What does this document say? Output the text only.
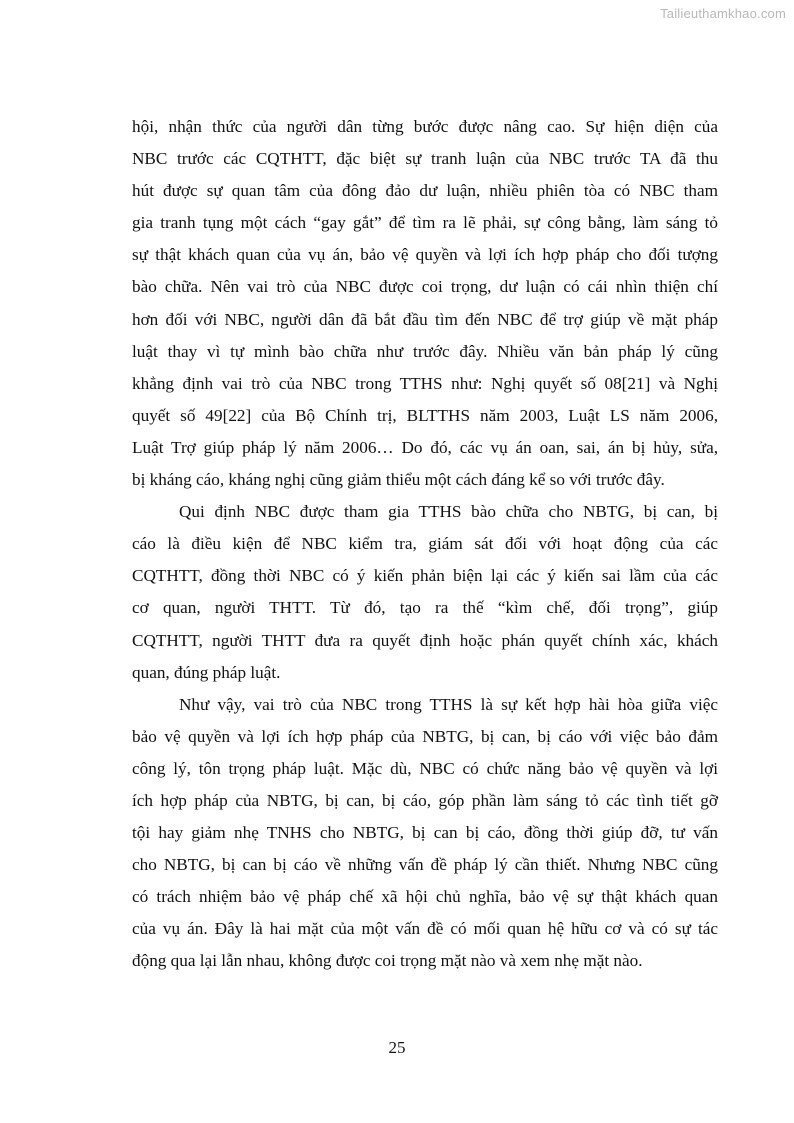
Tailieuthamkhao.com
hội, nhận thức của người dân từng bước được nâng cao. Sự hiện diện của
NBC trước các CQTHTT, đặc biệt sự tranh luận của NBC trước TA đã thu
hút được sự quan tâm của đông đảo dư luận, nhiều phiên tòa có NBC tham
gia tranh tụng một cách “gay gắt” để tìm ra lẽ phải, sự công bằng, làm sáng tỏ
sự thật khách quan của vụ án, bảo vệ quyền và lợi ích hợp pháp cho đối tượng
bào chữa. Nên vai trò của NBC được coi trọng, dư luận có cái nhìn thiện chí
hơn đối với NBC, người dân đã bắt đầu tìm đến NBC để trợ giúp về mặt pháp
luật thay vì tự mình bào chữa như trước đây. Nhiều văn bản pháp lý cũng
khẳng định vai trò của NBC trong TTHS như: Nghị quyết số 08[21] và Nghị
quyết số 49[22] của Bộ Chính trị, BLTTHS năm 2003, Luật LS năm 2006,
Luật Trợ giúp pháp lý năm 2006… Do đó, các vụ án oan, sai, án bị hủy, sửa,
bị kháng cáo, kháng nghị cũng giảm thiểu một cách đáng kể so với trước đây.
Qui định NBC được tham gia TTHS bào chữa cho NBTG, bị can, bị
cáo là điều kiện để NBC kiểm tra, giám sát đối với hoạt động của các
CQTHTT, đồng thời NBC có ý kiến phản biện lại các ý kiến sai lầm của các
cơ quan, người THTT. Từ đó, tạo ra thế “kìm chế, đối trọng”, giúp
CQTHTT, người THTT đưa ra quyết định hoặc phán quyết chính xác, khách
quan, đúng pháp luật.
Như vậy, vai trò của NBC trong TTHS là sự kết hợp hài hòa giữa việc
bảo vệ quyền và lợi ích hợp pháp của NBTG, bị can, bị cáo với việc bảo đảm
công lý, tôn trọng pháp luật. Mặc dù, NBC có chức năng bảo vệ quyền và lợi
ích hợp pháp của NBTG, bị can, bị cáo, góp phần làm sáng tỏ các tình tiết gỡ
tội hay giảm nhẹ TNHS cho NBTG, bị can bị cáo, đồng thời giúp đỡ, tư vấn
cho NBTG, bị can bị cáo về những vấn đề pháp lý cần thiết. Nhưng NBC cũng
có trách nhiệm bảo vệ pháp chế xã hội chủ nghĩa, bảo vệ sự thật khách quan
của vụ án. Đây là hai mặt của một vấn đề có mối quan hệ hữu cơ và có sự tác
động qua lại lẫn nhau, không được coi trọng mặt nào và xem nhẹ mặt nào.
25
